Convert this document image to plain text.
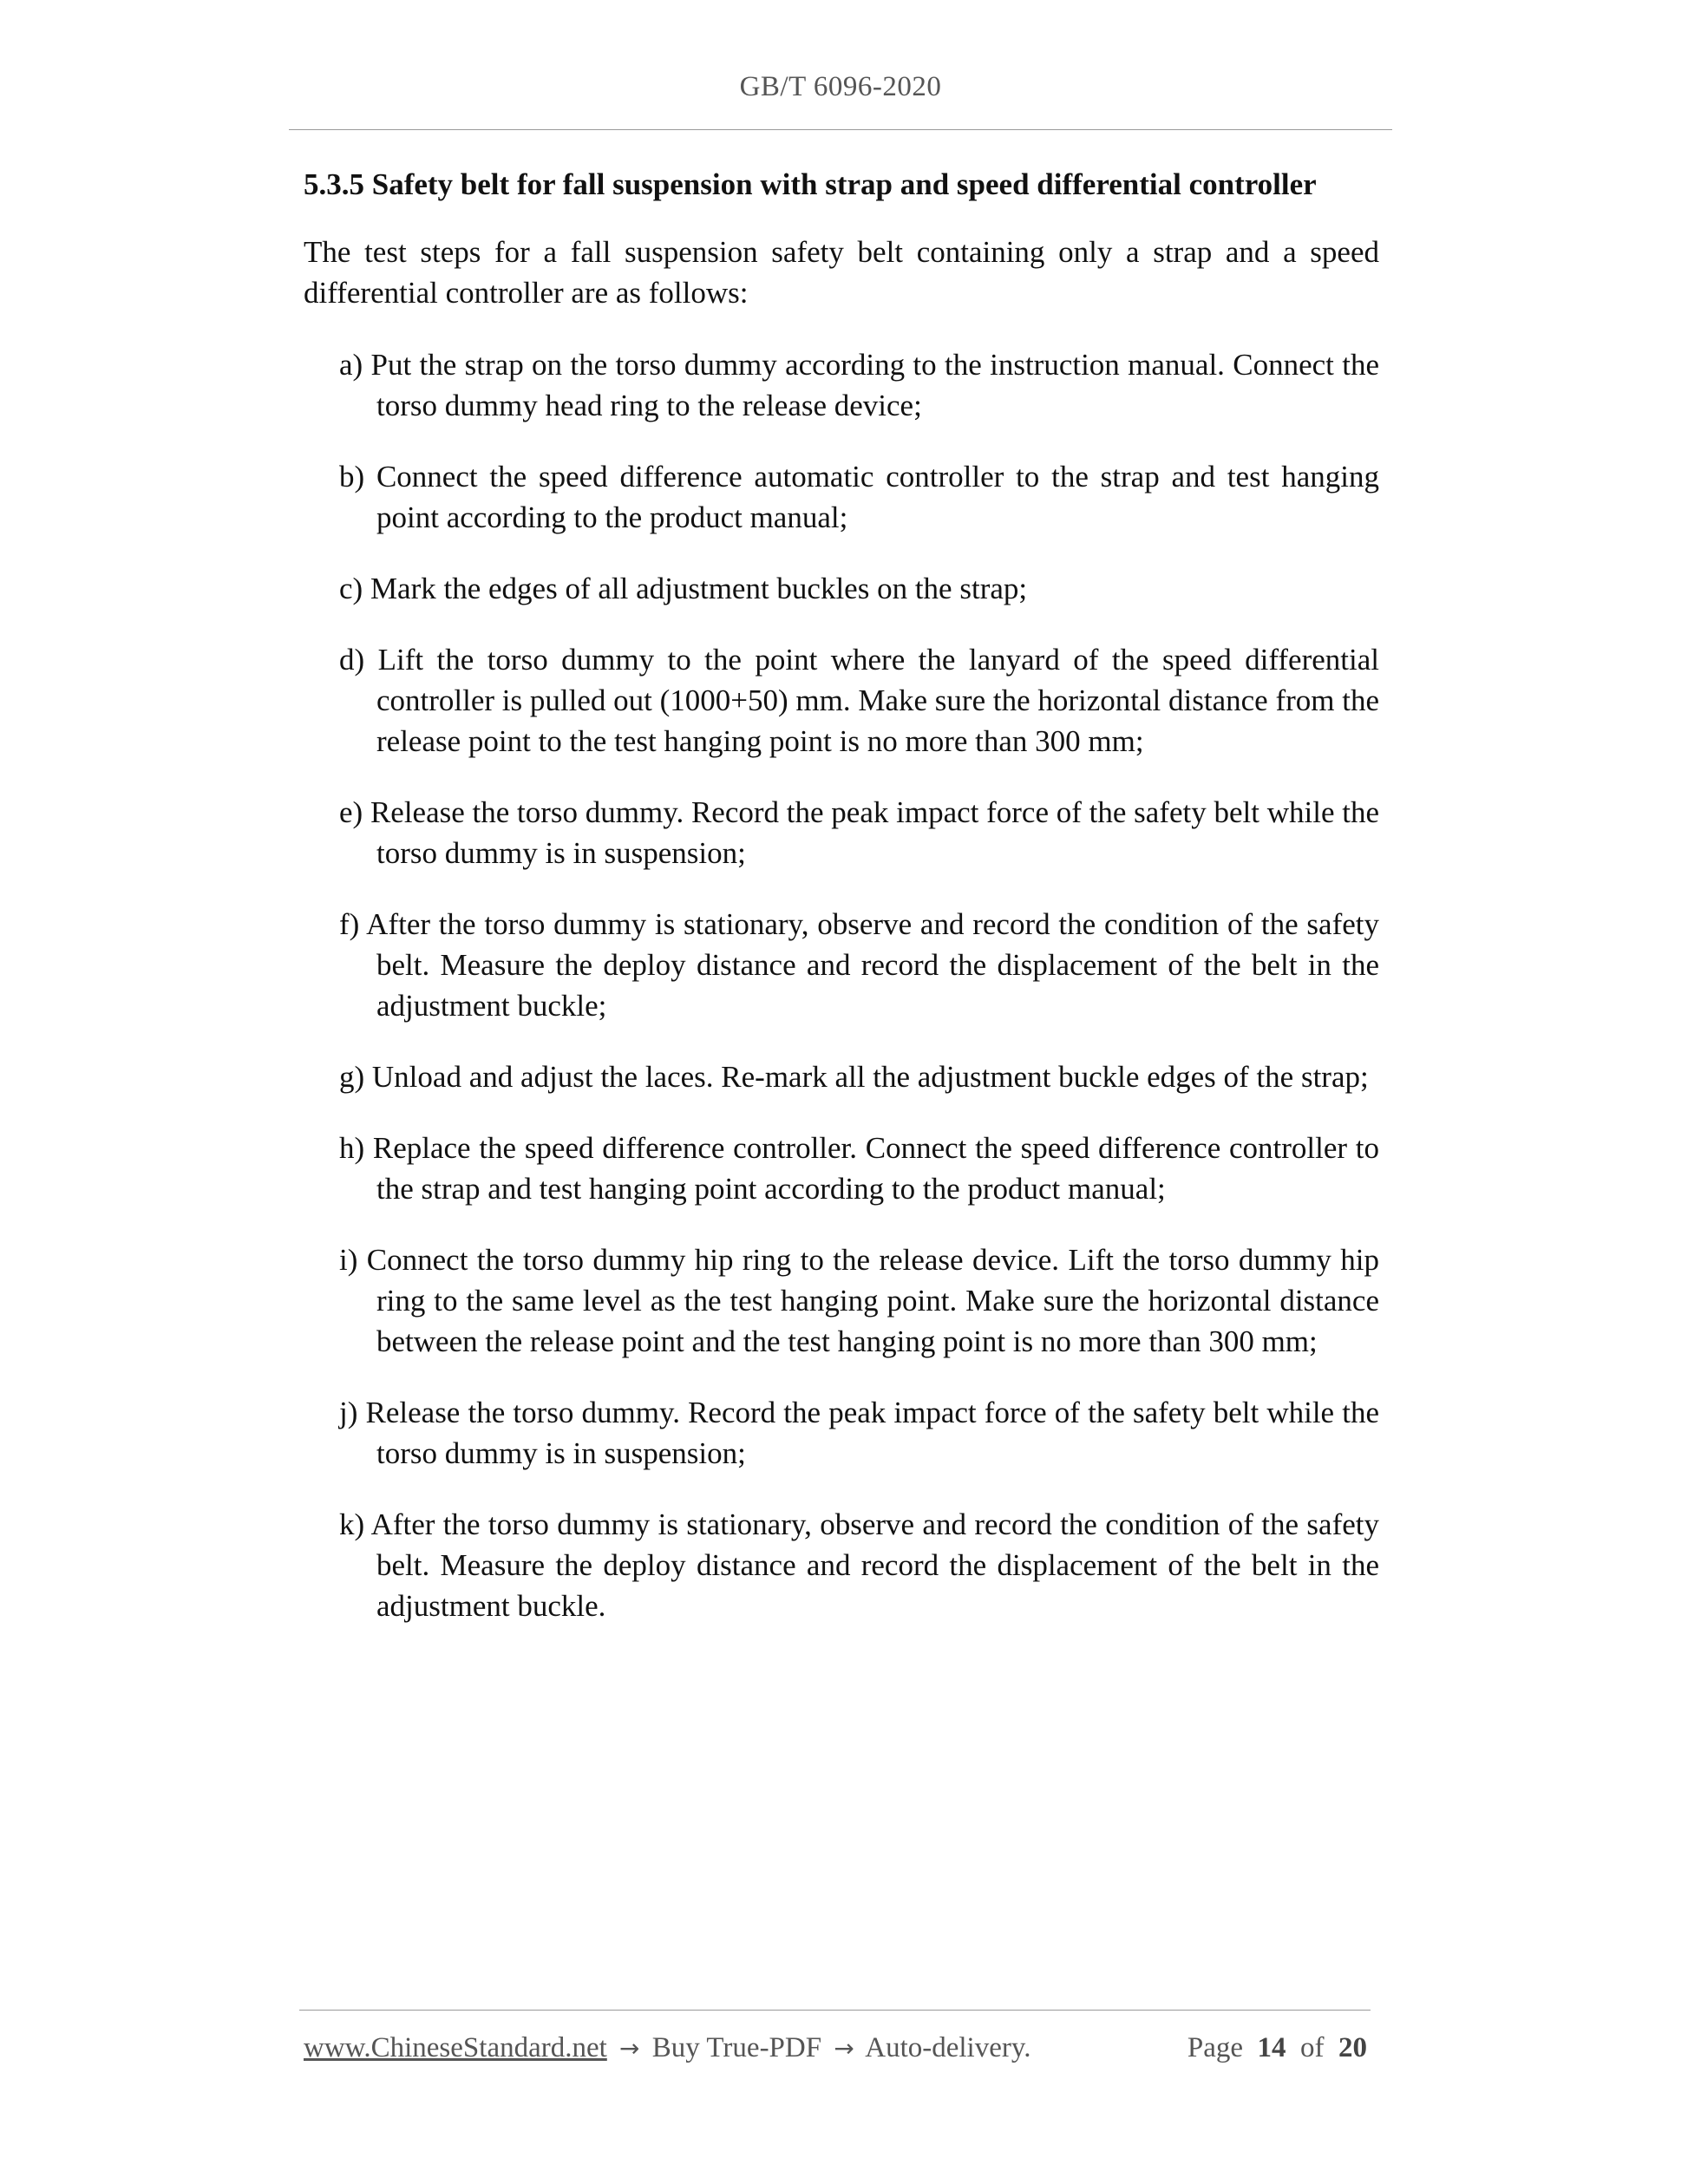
GB/T 6096-2020
5.3.5 Safety belt for fall suspension with strap and speed differential controller

The test steps for a fall suspension safety belt containing only a strap and a speed differential controller are as follows:

a) Put the strap on the torso dummy according to the instruction manual. Connect the torso dummy head ring to the release device;
b) Connect the speed difference automatic controller to the strap and test hanging point according to the product manual;
c) Mark the edges of all adjustment buckles on the strap;
d) Lift the torso dummy to the point where the lanyard of the speed differential controller is pulled out (1000+50) mm. Make sure the horizontal distance from the release point to the test hanging point is no more than 300 mm;
e) Release the torso dummy. Record the peak impact force of the safety belt while the torso dummy is in suspension;
f) After the torso dummy is stationary, observe and record the condition of the safety belt. Measure the deploy distance and record the displacement of the belt in the adjustment buckle;
g) Unload and adjust the laces. Re-mark all the adjustment buckle edges of the strap;
h) Replace the speed difference controller. Connect the speed difference controller to the strap and test hanging point according to the product manual;
i) Connect the torso dummy hip ring to the release device. Lift the torso dummy hip ring to the same level as the test hanging point. Make sure the horizontal distance between the release point and the test hanging point is no more than 300 mm;
j) Release the torso dummy. Record the peak impact force of the safety belt while the torso dummy is in suspension;
k) After the torso dummy is stationary, observe and record the condition of the safety belt. Measure the deploy distance and record the displacement of the belt in the adjustment buckle.
www.ChineseStandard.net → Buy True-PDF → Auto-delivery.	Page 14 of 20
